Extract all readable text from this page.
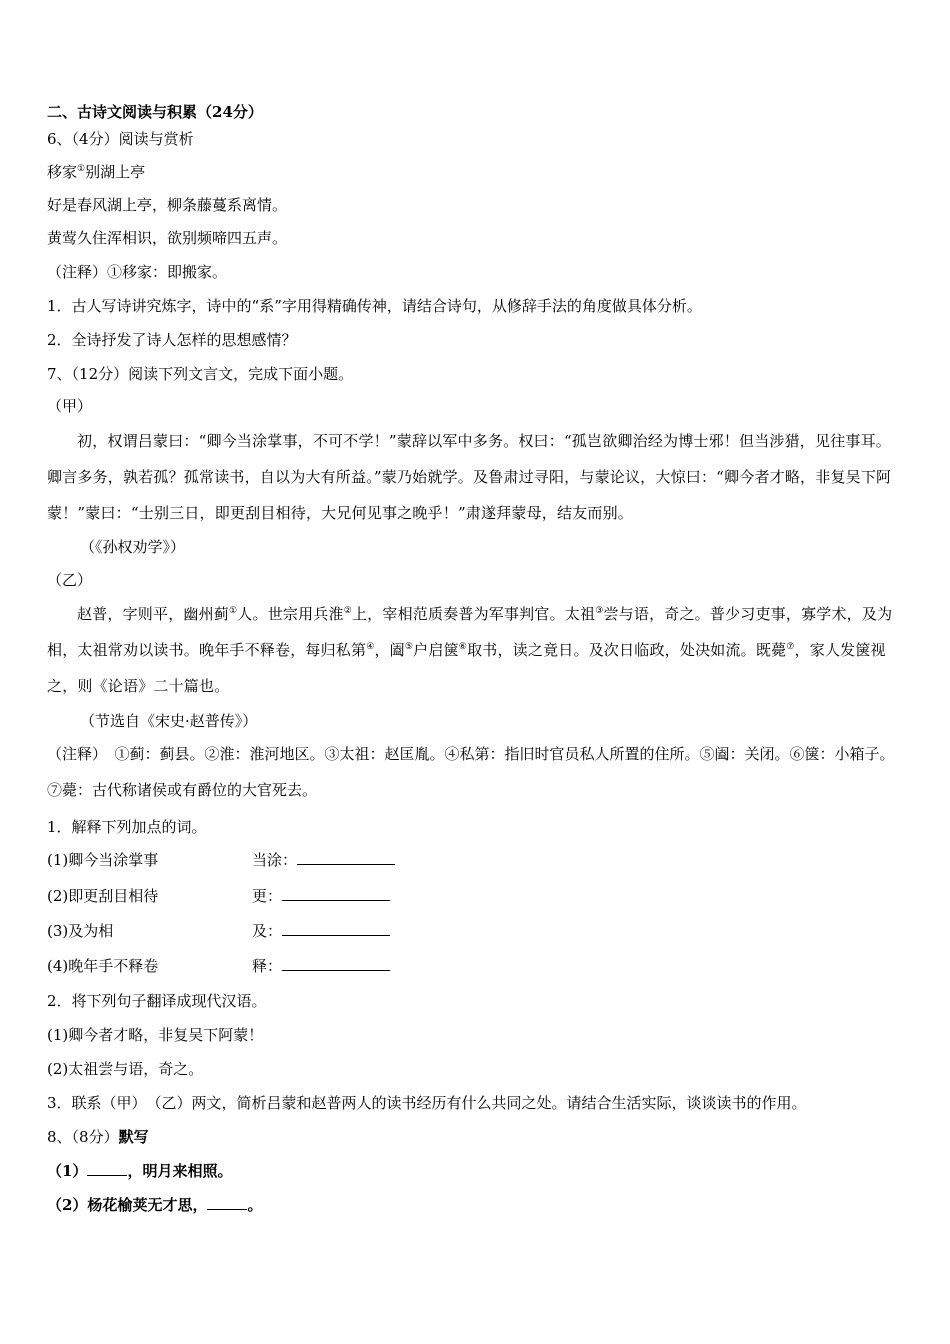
二、古诗文阅读与积累（24分）
6、（4分）阅读与赏析
移家①别湖上亭
好是春风湖上亭，柳条藤蔓系离情。
黄莺久住浑相识，欲别频啼四五声。
（注释）①移家：即搬家。
1．古人写诗讲究炼字，诗中的“系”字用得精确传神，请结合诗句，从修辞手法的角度做具体分析。
2．全诗抒发了诗人怎样的思想感情？
7、（12分）阅读下列文言文，完成下面小题。
（甲）
初，权谓吕蒙曰：“卿今当涂掌事，不可不学！”蒙辞以军中多务。权曰：“孤岂欲卿治经为博士邪！但当涉猎，见往事耳。卿言多务，孰若孤？孤常读书，自以为大有所益。”蒙乃始就学。及鲁肃过寻阳，与蒙论议，大惊曰：“卿今者才略，非复吴下阿蒙！”蒙曰：“士别三日，即更刮目相待，大兄何见事之晚乎！”肃遂拜蒙母，结友而别。
（《孙权劝学》）
（乙）
赵普，字则平，幽州蓟①人。世宗用兵淮②上，宰相范质奏普为军事判官。太祖③尝与语，奇之。普少习吏事，寡学术，及为相，太祖常劝以读书。晚年手不释卷，每归私第④，阖⑤户启箧⑥取书，读之竟日。及次日临政，处决如流。既薨⑦，家人发箧视之，则《论语》二十篇也。
（节选自《宋史·赵普传》）
（注释）　①蓟：蓟县。②淮：淮河地区。③太祖：赵匡胤。④私第：指旧时官员私人所置的住所。⑤阖：关闭。⑥箧：小箱子。⑦薨：古代称诸侯或有爵位的大官死去。
1．解释下列加点的词。
(1)卿今当涂掌事	当涂：
(2)即更刮目相待	更：
(3)及为相	及：
(4)晚年手不释卷	释：
2．将下列句子翻译成现代汉语。
(1)卿今者才略，非复吴下阿蒙！
(2)太祖尝与语，奇之。
3．联系（甲）　（乙）两文，简析吕蒙和赵普两人的读书经历有什么共同之处。请结合生活实际，谈谈读书的作用。
8、（8分）默写
（1）	，明月来相照。
（2）杨花榆荚无才思，	。
